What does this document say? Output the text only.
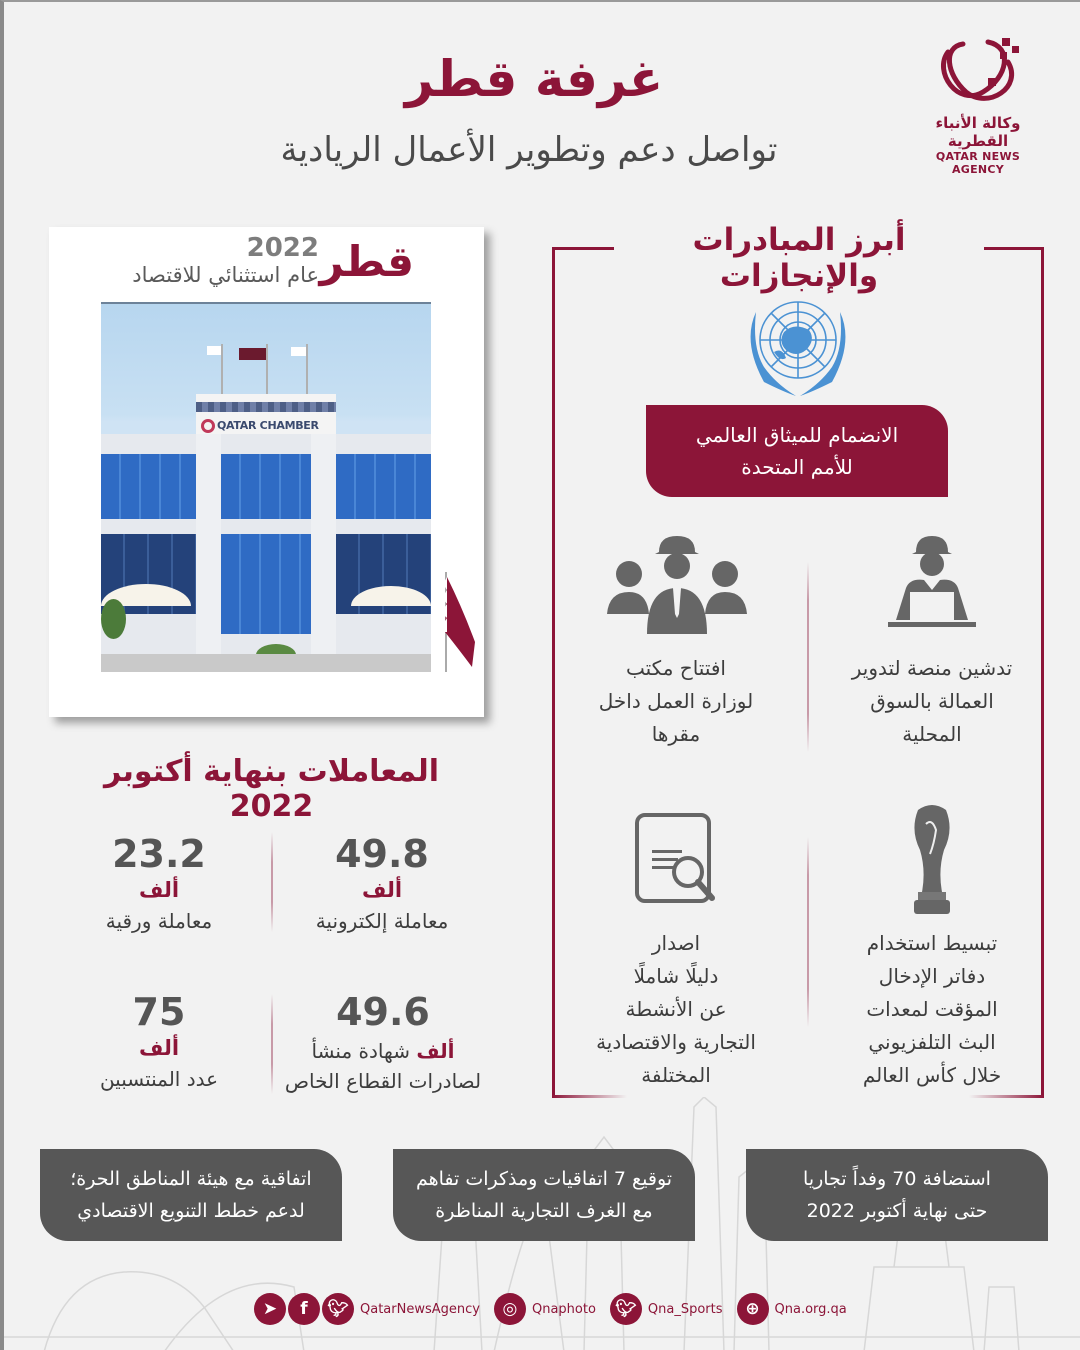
غرفة قطر
تواصل دعم وتطوير الأعمال الريادية
وكالة الأنباء القطرية
QATAR NEWS AGENCY
قطر
2022
عام استثنائي للاقتصاد
QATAR CHAMBER
المعاملات بنهاية أكتوبر 2022
49.8
ألف
معاملة إلكترونية
23.2
ألف
معاملة ورقية
49.6
ألف شهادة منشأ
لصادرات القطاع الخاص
75
ألف
عدد المنتسبين
أبرز المبادرات والإنجازات
الانضمام للميثاق العالمي
للأمم المتحدة
تدشين منصة لتدوير
العمالة بالسوق
المحلية
افتتاح مكتب
لوزارة العمل داخل
مقرها
تبسيط استخدام
دفاتر الإدخال
المؤقت لمعدات
البث التلفزيوني
خلال كأس العالم
اصدار
دليلًا شاملًا
عن الأنشطة
التجارية والاقتصادية
المختلفة
استضافة 70 وفداً تجاريا
حتى نهاية أكتوبر 2022
توقيع 7 اتفاقيات ومذكرات تفاهم
مع الغرف التجارية المناظرة
اتفاقية مع هيئة المناطق الحرة؛
لدعم خطط التنويع الاقتصادي
➤	f	🐦︎ QatarNewsAgency	◎	Qnaphoto	🐦︎ Qna_Sports	⊕	Qna.org.qa
